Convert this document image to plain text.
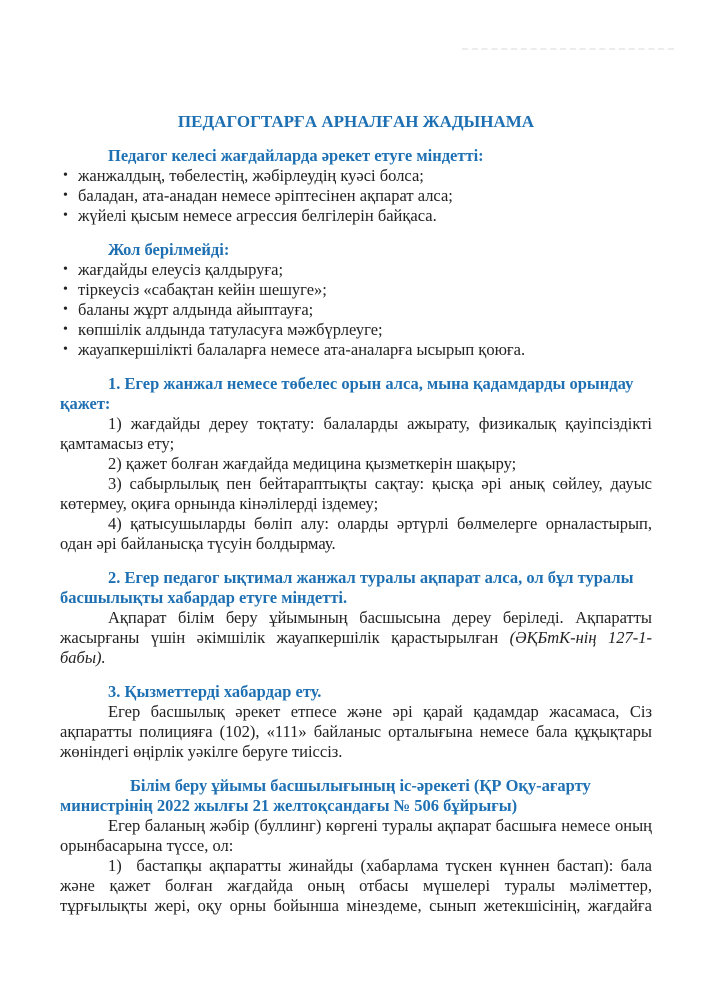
ПЕДАГОГТАРҒА АРНАЛҒАН ЖАДЫНАМА

Педагог келесі жағдайларда әрекет етуге міндетті:

• жанжалдың, төбелестің, жәбірлеудің куәсі болса;
• баладан, ата-анадан немесе әріптесінен ақпарат алса;
• жүйелі қысым немесе агрессия белгілерін байқаса.

Жол берілмейді:

• жағдайды елеусіз қалдыруға;
• тіркеусіз «сабақтан кейін шешуге»;
• баланы жұрт алдында айыптауға;
• көпшілік алдында татуласуға мәжбүрлеуге;
• жауапкершілікті балаларға немесе ата-аналарға ысырып қоюға.

1. Егер жанжал немесе төбелес орын алса, мына қадамдарды орындау қажет:

1) жағдайды дереу тоқтату: балаларды ажырату, физикалық қауіпсіздікті қамтамасыз ету;

2) қажет болған жағдайда медицина қызметкерін шақыру;

3) сабырлылық пен бейтараптықты сақтау: қысқа әрі анық сөйлеу, дауыс көтермеу, оқиға орнында кінәлілерді іздемеу;

4) қатысушыларды бөліп алу: оларды әртүрлі бөлмелерге орналастырып, одан әрі байланысқа түсуін болдырмау.

2. Егер педагог ықтимал жанжал туралы ақпарат алса, ол бұл туралы басшылықты хабардар етуге міндетті.

Ақпарат білім беру ұйымының басшысына дереу беріледі. Ақпаратты жасырғаны үшін әкімшілік жауапкершілік қарастырылған (ӘҚБтК-нің 127-1-бабы).

3. Қызметтерді хабардар ету.

Егер басшылық әрекет етпесе және әрі қарай қадамдар жасамаса, Сіз ақпаратты полицияға (102), «111» байланыс орталығына немесе бала құқықтары жөніндегі өңірлік уәкілге беруге тиіссіз.

Білім беру ұйымы басшылығының іс-әрекеті (ҚР Оқу-ағарту министрінің 2022 жылғы 21 желтоқсандағы № 506 бұйрығы)

Егер баланың жәбір (буллинг) көргені туралы ақпарат басшыға немесе оның орынбасарына түссе, ол:

1)  бастапқы ақпаратты жинайды (хабарлама түскен күннен бастап): бала және қажет болған жағдайда оның отбасы мүшелері туралы мәліметтер, тұрғылықты жері, оқу орны бойынша мінездеме, сынып жетекшісінің, жағдайға
